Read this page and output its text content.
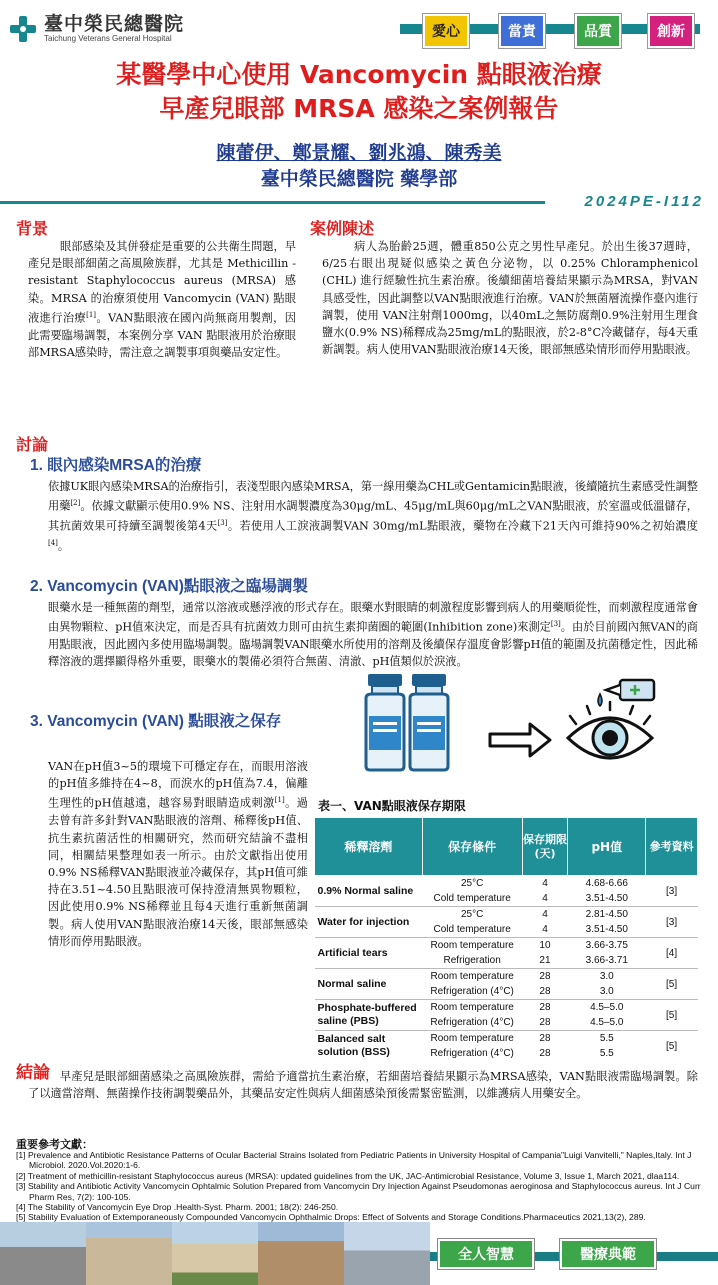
臺中榮民總醫院
Taichung Veterans General Hospital	愛心	當責	品質	創新
某醫學中心使用 Vancomycin 點眼液治療
早產兒眼部 MRSA 感染之案例報告
陳蕾伊、鄭景耀、劉兆鴻、陳秀美
臺中榮民總醫院 藥學部
2024PE-I112
背景
眼部感染及其併發症是重要的公共衛生問題，早產兒是眼部細菌之高風險族群，尤其是 Methicillin - resistant Staphylococcus aureus (MRSA) 感染。MRSA 的治療須使用 Vancomycin (VAN) 點眼液進行治療[1]。VAN點眼液在國內尚無商用製劑，因此需要臨場調製，本案例分享 VAN 點眼液用於治療眼部MRSA感染時，需注意之調製事項與藥品安定性。
案例陳述
病人為胎齡25週，體重850公克之男性早產兒。於出生後37週時，6/25右眼出現疑似感染之黃色分泌物，以 0.25% Chloramphenicol (CHL) 進行經驗性抗生素治療。後續細菌培養結果顯示為MRSA，對VAN具感受性，因此調整以VAN點眼液進行治療。VAN於無菌層流操作臺內進行調製，使用 VAN注射劑1000mg，以40mL之無防腐劑0.9%注射用生理食鹽水(0.9% NS)稀釋成為25mg/mL的點眼液，於2-8°C冷藏儲存，每4天重新調製。病人使用VAN點眼液治療14天後，眼部無感染情形而停用點眼液。
討論
1. 眼內感染MRSA的治療
依據UK眼內感染MRSA的治療指引，表淺型眼內感染MRSA，第一線用藥為CHL或Gentamicin點眼液，後續隨抗生素感受性調整用藥[2]。依據文獻顯示使用0.9% NS、注射用水調製濃度為30μg/mL、45μg/mL與60μg/mL之VAN點眼液，於室溫或低溫儲存，其抗菌效果可持續至調製後第4天[3]。若使用人工淚液調製VAN 30mg/mL點眼液，藥物在冷藏下21天內可維持90%之初始濃度[4]。
2. Vancomycin (VAN)點眼液之臨場調製
眼藥水是一種無菌的劑型，通常以溶液或懸浮液的形式存在。眼藥水對眼睛的刺激程度影響到病人的用藥順從性，而刺激程度通常會由異物顆粒、pH值來決定，而是否具有抗菌效力則可由抗生素抑菌圈的範圍(Inhibition zone)來測定[3]。由於目前國內無VAN的商用點眼液，因此國內多使用臨場調製。臨場調製VAN眼藥水所使用的溶劑及後續保存溫度會影響pH值的範圍及抗菌穩定性，因此稀釋溶液的選擇顯得格外重要，眼藥水的製備必須符合無菌、清澈、pH值類似於淚液。
3. Vancomycin (VAN) 點眼液之保存
VAN在pH值3~5的環境下可穩定存在，而眼用溶液的pH值多維持在4~8，而淚水的pH值為7.4，偏離生理性的pH值越遠，越容易對眼睛造成刺激[1]。過去曾有許多針對VAN點眼液的溶劑、稀釋後pH值、抗生素抗菌活性的相關研究，然而研究結論不盡相同，相關結果整理如表一所示。由於文獻指出使用0.9% NS稀釋VAN點眼液並冷藏保存，其pH值可維持在3.51~4.50且點眼液可保持澄清無異物顆粒，因此使用0.9% NS稀釋並且每4天進行重新無菌調製。病人使用VAN點眼液治療14天後，眼部無感染情形而停用點眼液。
表一、VAN點眼液保存期限
稀釋溶劑	保存條件	保存期限(天)	pH值	參考資料
0.9% Normal saline	25°C	4	4.68-6.66	[3]
	Cold temperature	4	3.51-4.50	
Water for injection	25°C	4	2.81-4.50	[3]
	Cold temperature	4	3.51-4.50	
Artificial tears	Room temperature	10	3.66-3.75	[4]
	Refrigeration	21	3.66-3.71	
Normal saline	Room temperature	28	3.0	[5]
	Refrigeration (4°C)	28	3.0	
Phosphate-buffered saline (PBS)	Room temperature	28	4.5–5.0	[5]
	Refrigeration (4°C)	28	4.5–5.0	
Balanced salt solution (BSS)	Room temperature	28	5.5	[5]
	Refrigeration (4°C)	28	5.5	
結論 早產兒是眼部細菌感染之高風險族群，需給予適當抗生素治療，若細菌培養結果顯示為MRSA感染，VAN點眼液需臨場調製。除了以適當溶劑、無菌操作技術調製藥品外，其藥品安定性與病人細菌感染預後需緊密監測，以維護病人用藥安全。
重要參考文獻：
[1] Prevalence and Antibiotic Resistance Patterns of Ocular Bacterial Strains Isolated from Pediatric Patients in University Hospital of Campania"Luigi Vanvitelli," Naples,Italy. Int J Microbiol. 2020.Vol.2020:1-6.
[2] Treatment of methicillin-resistant Staphylococcus aureus (MRSA): updated guidelines from the UK, JAC-Antimicrobial Resistance, Volume 3, Issue 1, March 2021, dlaa114.
[3] Stability and Antibiotic Activity Vancomycin Ophtalmic Solution Prepared from Vancomycin Dry Injection Against Pseudomonas aeroginosa and Staphylococcus aureus. Int J Curr Pharm Res, 7(2): 100-105.
[4] The Stability of Vancomycin Eye Drop .Health-Syst. Pharm. 2001; 18(2): 246-250.
[5] Stability Evaluation of Extemporaneously Compounded Vancomycin Ophthalmic Drops: Effect of Solvents and Storage Conditions.Pharmaceutics 2021,13(2), 289.
全人智慧	醫療典範
